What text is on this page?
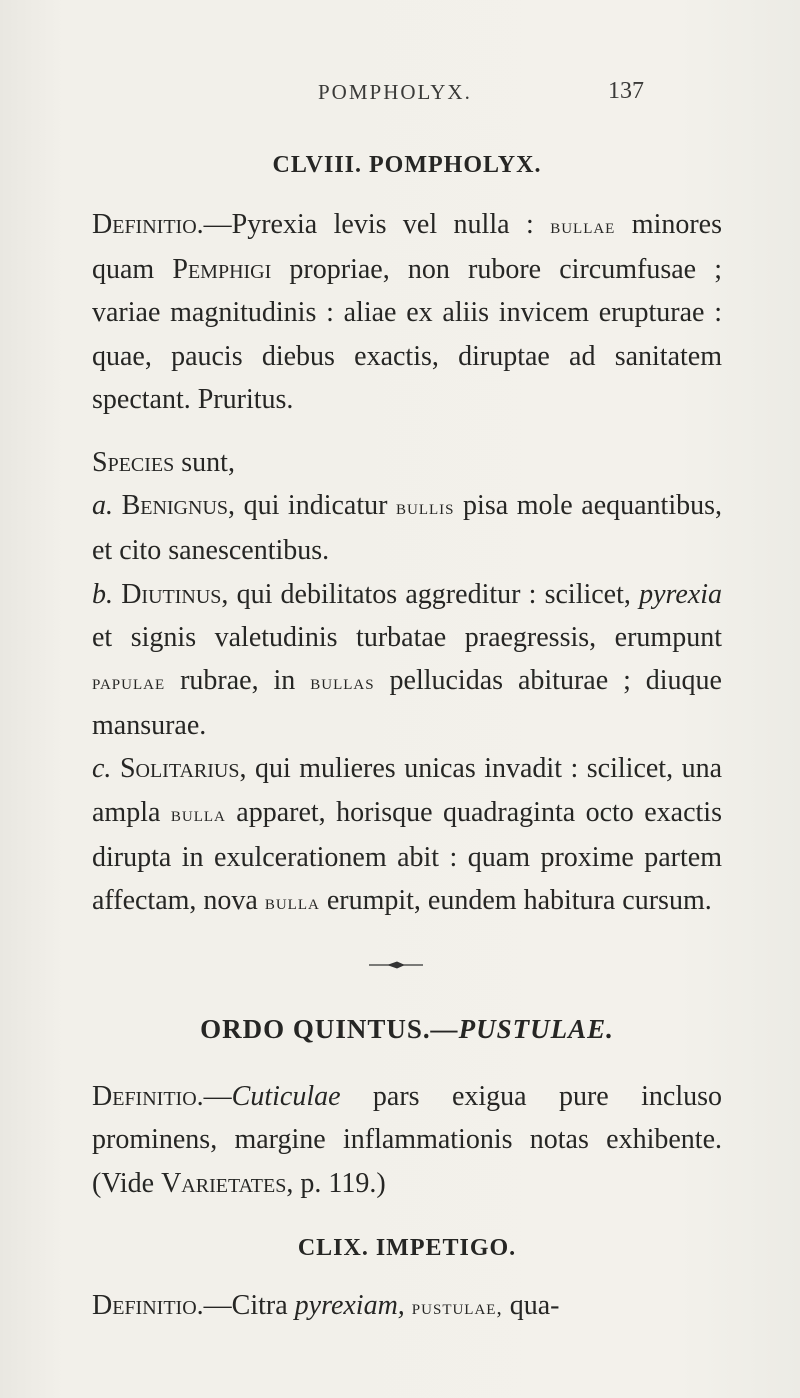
POMPHOLYX.	137
CLVIII. POMPHOLYX.

Definitio.—Pyrexia levis vel nulla : bullae minores quam Pemphigi propriae, non rubore circumfusae ; variae magnitudinis : aliae ex aliis invicem erupturae : quae, paucis diebus exactis, diruptae ad sanitatem spectant. Pruritus.

Species sunt,

a. Benignus, qui indicatur bullis pisa mole aequantibus, et cito sanescentibus.

b. Diutinus, qui debilitatos aggreditur : scilicet, pyrexia et signis valetudinis turbatae praegressis, erumpunt papulae rubrae, in bullas pellucidas abiturae ; diuque mansurae.

c. Solitarius, qui mulieres unicas invadit : scilicet, una ampla bulla apparet, horisque quadraginta octo exactis dirupta in exulcerationem abit : quam proxime partem affectam, nova bulla erumpit, eundem habitura cursum.

ORDO QUINTUS.—PUSTULAE.

Definitio.—Cuticulae pars exigua pure incluso prominens, margine inflammationis notas exhibente. (Vide Varietates, p. 119.)

CLIX. IMPETIGO.

Definitio.—Citra pyrexiam, pustulae, qua-
